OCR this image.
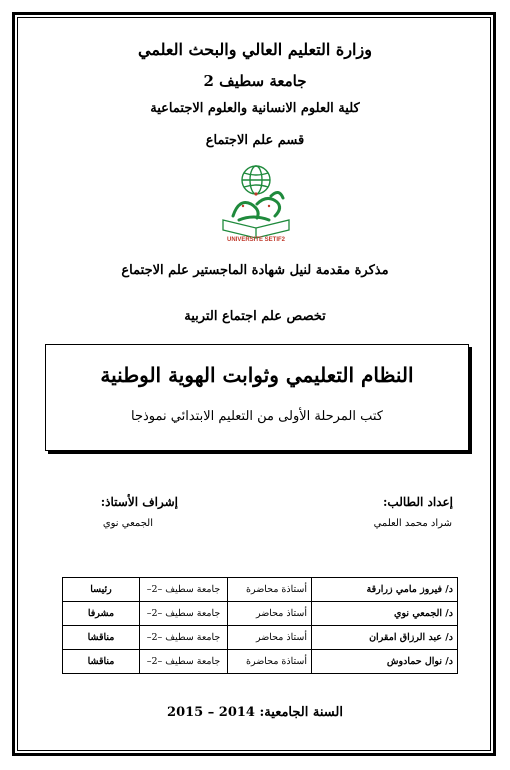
وزارة التعليم العالي والبحث العلمي
جامعة سطيف 2
كلية العلوم الانسانية والعلوم الاجتماعية
قسم علم الاجتماع
UNIVERSITE SETIF2
مذكرة مقدمة لنيل شهادة الماجستير علم الاجتماع
تخصص علم اجتماع التربية
النظام التعليمي وثوابت الهوية الوطنية
كتب المرحلة الأولى من التعليم الابتدائي نموذجا
إعداد الطالب:
إشراف الأستاذ:
شراد محمد العلمي
الجمعي نوي
د/ فيروز مامي زرارقة	أستاذة محاضرة	جامعة سطيف –2–	رئيسا
د/ الجمعي نوي	أستاذ محاضر	جامعة سطيف –2–	مشرفا
د/ عبد الرزاق امقران	أستاذ محاضر	جامعة سطيف –2–	مناقشا
د/ نوال حمادوش	أستاذة محاضرة	جامعة سطيف –2–	مناقشا
السنة الجامعية: 2014 – 2015
